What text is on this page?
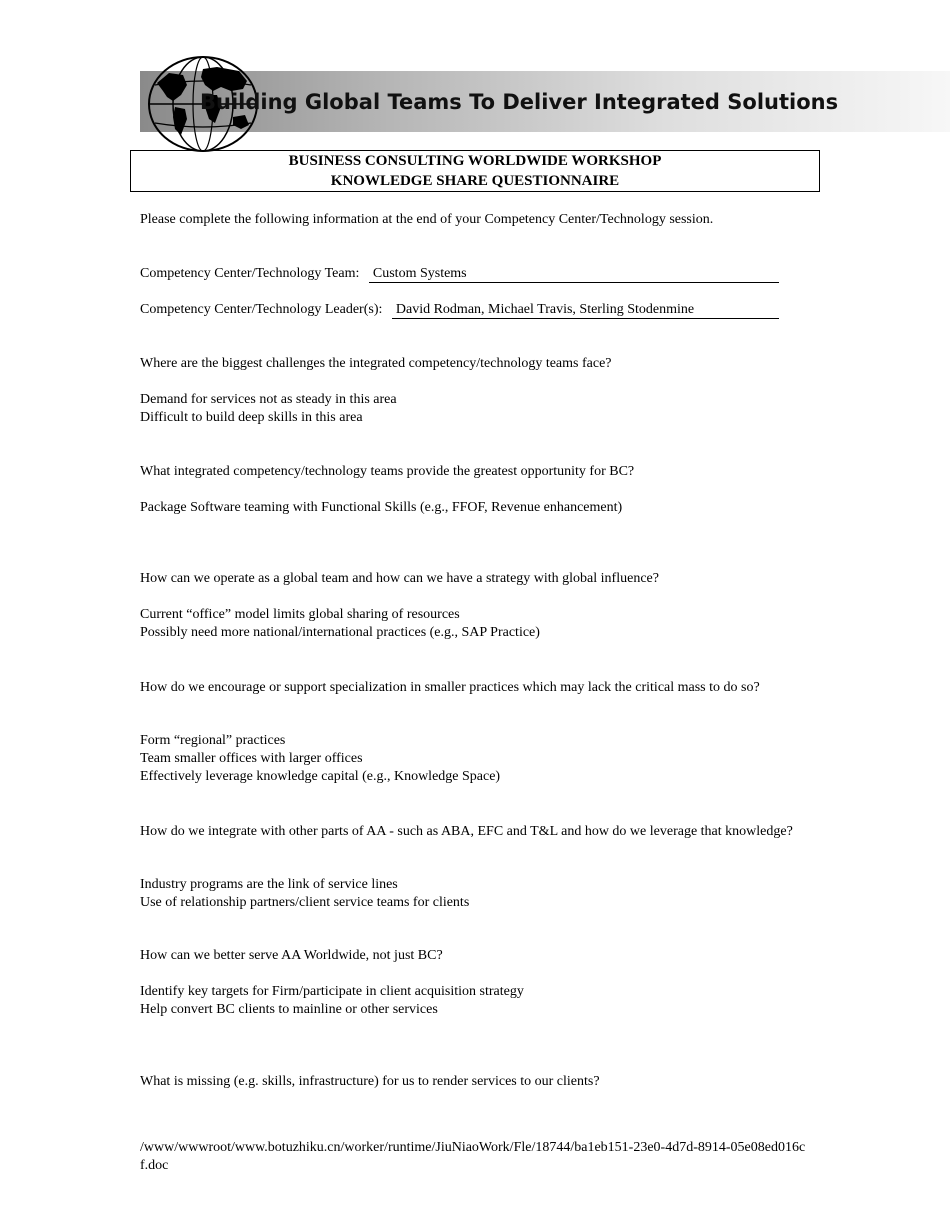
Building Global Teams To Deliver Integrated Solutions
BUSINESS CONSULTING WORLDWIDE WORKSHOP
KNOWLEDGE SHARE QUESTIONNAIRE
Please complete the following information at the end of your Competency Center/Technology session.
Competency Center/Technology Team: Custom Systems
Competency Center/Technology Leader(s): David Rodman, Michael Travis, Sterling Stodenmine
Where are the biggest challenges the integrated competency/technology teams face?
Demand for services not as steady in this area
Difficult to build deep skills in this area
What integrated competency/technology teams provide the greatest opportunity for BC?
Package Software teaming with Functional Skills (e.g., FFOF, Revenue enhancement)
How can we operate as a global team and how can we have a strategy with global influence?
Current “office” model limits global sharing of resources
Possibly need more national/international practices (e.g., SAP Practice)
How do we encourage or support specialization in smaller practices which may lack the critical mass to do so?
Form “regional” practices
Team smaller offices with larger offices
Effectively leverage knowledge capital (e.g., Knowledge Space)
How do we integrate with other parts of AA - such as ABA, EFC and T&L and how do we leverage that knowledge?
Industry programs are the link of service lines
Use of relationship partners/client service teams for clients
How can we better serve AA Worldwide, not just BC?
Identify key targets for Firm/participate in client acquisition strategy
Help convert BC clients to mainline or other services
What is missing (e.g. skills, infrastructure) for us to render services to our clients?
/www/wwwroot/www.botuzhiku.cn/worker/runtime/JiuNiaoWork/Fle/18744/ba1eb151-23e0-4d7d-8914-05e08ed016cf.doc
